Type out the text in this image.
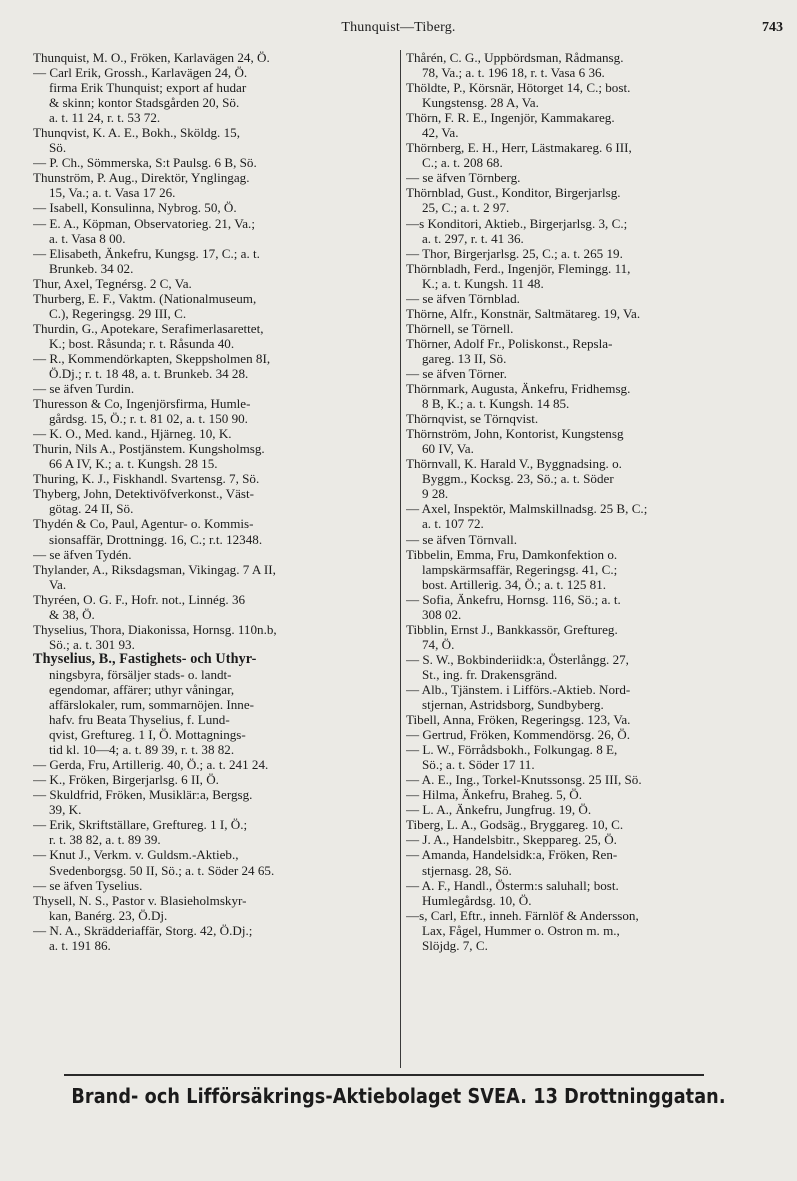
Thunquist—Tiberg.	743
Thunquist, M. O., Fröken, Karlavägen 24, Ö.
— Carl Erik, Grossh., Karlavägen 24, Ö.
firma Erik Thunquist; export af hudar
& skinn; kontor Stadsgården 20, Sö.
a. t. 11 24, r. t. 53 72.
Thunqvist, K. A. E., Bokh., Sköldg. 15,
Sö.
— P. Ch., Sömmerska, S:t Paulsg. 6 B, Sö.
Thunström, P. Aug., Direktör, Ynglingag.
15, Va.; a. t. Vasa 17 26.
— Isabell, Konsulinna, Nybrog. 50, Ö.
— E. A., Köpman, Observatorieg. 21, Va.;
a. t. Vasa 8 00.
— Elisabeth, Änkefru, Kungsg. 17, C.; a. t.
Brunkeb. 34 02.
Thur, Axel, Tegnérsg. 2 C, Va.
Thurberg, E. F., Vaktm. (Nationalmuseum,
C.), Regeringsg. 29 III, C.
Thurdin, G., Apotekare, Serafimerlasarettet,
K.; bost. Råsunda; r. t. Råsunda 40.
— R., Kommendörkapten, Skeppsholmen 8I,
Ö.Dj.; r. t. 18 48, a. t. Brunkeb. 34 28.
— se äfven Turdin.
Thuresson & Co, Ingenjörsfirma, Humle-
gårdsg. 15, Ö.; r. t. 81 02, a. t. 150 90.
— K. O., Med. kand., Hjärneg. 10, K.
Thurin, Nils A., Postjänstem. Kungsholmsg.
66 A IV, K.; a. t. Kungsh. 28 15.
Thuring, K. J., Fiskhandl. Svartensg. 7, Sö.
Thyberg, John, Detektivöfverkonst., Väst-
götag. 24 II, Sö.
Thydén & Co, Paul, Agentur- o. Kommis-
sionsaffär, Drottningg. 16, C.; r.t. 12348.
— se äfven Tydén.
Thylander, A., Riksdagsman, Vikingag. 7 A II,
Va.
Thyréen, O. G. F., Hofr. not., Linnég. 36
& 38, Ö.
Thyselius, Thora, Diakonissa, Hornsg. 110n.b,
Sö.; a. t. 301 93.
Thyselius, B., Fastighets- och Uthyr-
ningsbyra, försäljer stads- o. landt-
egendomar, affärer; uthyr våningar,
affärslokaler, rum, sommarnöjen. Inne-
hafv. fru Beata Thyselius, f. Lund-
qvist, Greftureg. 1 I, Ö. Mottagnings-
tid kl. 10—4; a. t. 89 39, r. t. 38 82.
— Gerda, Fru, Artillerig. 40, Ö.; a. t. 241 24.
— K., Fröken, Birgerjarlsg. 6 II, Ö.
— Skuldfrid, Fröken, Musiklär:a, Bergsg.
39, K.
— Erik, Skriftställare, Greftureg. 1 I, Ö.;
r. t. 38 82, a. t. 89 39.
— Knut J., Verkm. v. Guldsm.-Aktieb.,
Svedenborgsg. 50 II, Sö.; a. t. Söder 24 65.
— se äfven Tyselius.
Thysell, N. S., Pastor v. Blasieholmskyr-
kan, Banérg. 23, Ö.Dj.
— N. A., Skrädderiaffär, Storg. 42, Ö.Dj.;
a. t. 191 86.
Thårén, C. G., Uppbördsman, Rådmansg.
78, Va.; a. t. 196 18, r. t. Vasa 6 36.
Thöldte, P., Körsnär, Hötorget 14, C.; bost.
Kungstensg. 28 A, Va.
Thörn, F. R. E., Ingenjör, Kammakareg.
42, Va.
Thörnberg, E. H., Herr, Lästmakareg. 6 III,
C.; a. t. 208 68.
— se äfven Törnberg.
Thörnblad, Gust., Konditor, Birgerjarlsg.
25, C.; a. t. 2 97.
—s Konditori, Aktieb., Birgerjarlsg. 3, C.;
a. t. 297, r. t. 41 36.
— Thor, Birgerjarlsg. 25, C.; a. t. 265 19.
Thörnbladh, Ferd., Ingenjör, Flemingg. 11,
K.; a. t. Kungsh. 11 48.
— se äfven Törnblad.
Thörne, Alfr., Konstnär, Saltmätareg. 19, Va.
Thörnell, se Törnell.
Thörner, Adolf Fr., Poliskonst., Repsla-
gareg. 13 II, Sö.
— se äfven Törner.
Thörnmark, Augusta, Änkefru, Fridhemsg.
8 B, K.; a. t. Kungsh. 14 85.
Thörnqvist, se Törnqvist.
Thörnström, John, Kontorist, Kungstensg
60 IV, Va.
Thörnvall, K. Harald V., Byggnadsing. o.
Byggm., Kocksg. 23, Sö.; a. t. Söder
9 28.
— Axel, Inspektör, Malmskillnadsg. 25 B, C.;
a. t. 107 72.
— se äfven Törnvall.
Tibbelin, Emma, Fru, Damkonfektion o.
lampskärmsaffär, Regeringsg. 41, C.;
bost. Artillerig. 34, Ö.; a. t. 125 81.
— Sofia, Änkefru, Hornsg. 116, Sö.; a. t.
308 02.
Tibblin, Ernst J., Bankkassör, Greftureg.
74, Ö.
— S. W., Bokbinderiidk:a, Österlångg. 27,
St., ing. fr. Drakensgränd.
— Alb., Tjänstem. i Lifförs.-Aktieb. Nord-
stjernan, Astridsborg, Sundbyberg.
Tibell, Anna, Fröken, Regeringsg. 123, Va.
— Gertrud, Fröken, Kommendörsg. 26, Ö.
— L. W., Förrådsbokh., Folkungag. 8 E,
Sö.; a. t. Söder 17 11.
— A. E., Ing., Torkel-Knutssonsg. 25 III, Sö.
— Hilma, Änkefru, Braheg. 5, Ö.
— L. A., Änkefru, Jungfrug. 19, Ö.
Tiberg, L. A., Godsäg., Bryggareg. 10, C.
— J. A., Handelsbitr., Skeppareg. 25, Ö.
— Amanda, Handelsidk:a, Fröken, Ren-
stjernasg. 28, Sö.
— A. F., Handl., Österm:s saluhall; bost.
Humlegårdsg. 10, Ö.
—s, Carl, Eftr., inneh. Färnlöf & Andersson,
Lax, Fågel, Hummer o. Ostron m. m.,
Slöjdg. 7, C.
Brand- och Lifförsäkrings-Aktiebolaget SVEA. 13 Drottninggatan.
